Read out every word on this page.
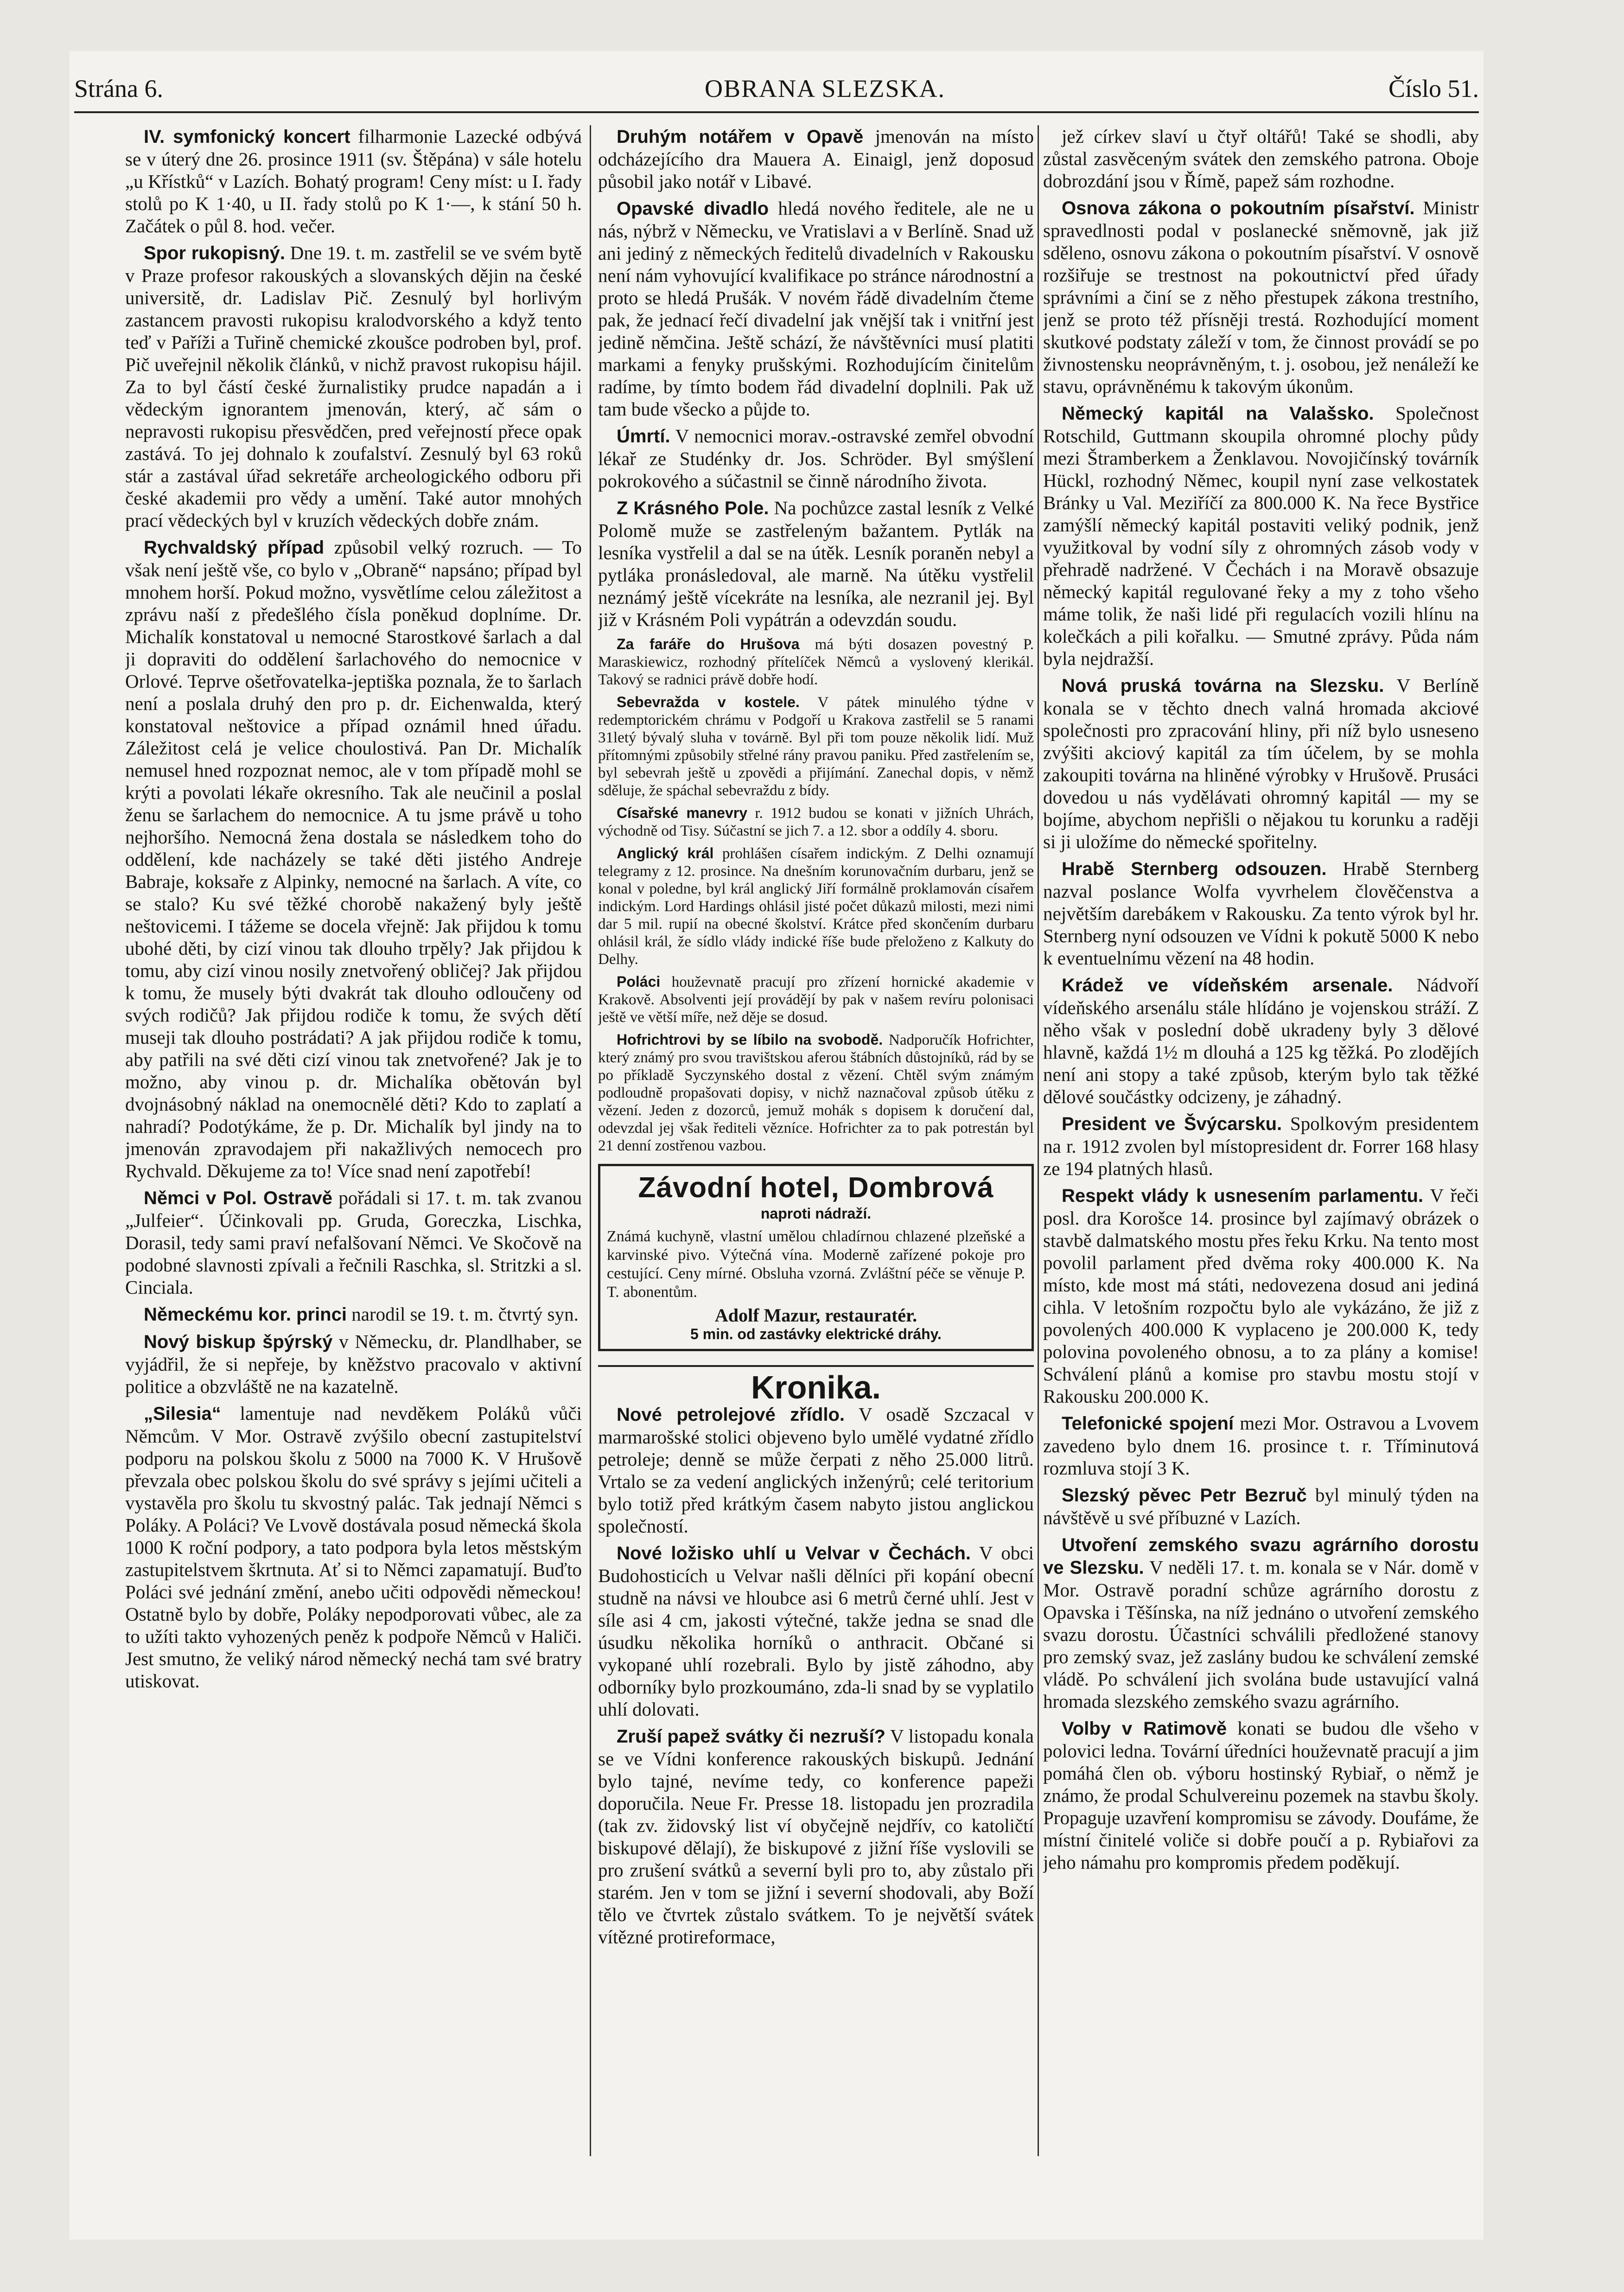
Strána 6.	OBRANA SLEZSKA.	Číslo 51.

IV. symfonický koncert filharmonie Lazecké odbývá se v úterý dne 26. prosince 1911 (sv. Štěpána) v sále hotelu „u Křístků“ v Lazích. Bohatý program! Ceny míst: u I. řady stolů po K 1·40, u II. řady stolů po K 1·—, k stání 50 h. Začátek o půl 8. hod. večer.

Spor rukopisný. Dne 19. t. m. zastřelil se ve svém bytě v Praze profesor rakouských a slovanských dějin na české universitě, dr. Ladislav Pič. Zesnulý byl horlivým zastancem pravosti rukopisu kralodvorského a když tento teď v Paříži a Tuřině chemické zkoušce podroben byl, prof. Pič uveřejnil několik článků, v nichž pravost rukopisu hájil. Za to byl částí české žurnalistiky prudce napadán a i vědeckým ignorantem jmenován, který, ač sám o nepravosti rukopisu přesvědčen, pred veřejností přece opak zastává. To jej dohnalo k zoufalství. Zesnulý byl 63 roků stár a zastával úřad sekretáře archeologického odboru při české akademii pro vědy a umění. Také autor mnohých prací vědeckých byl v kruzích vědeckých dobře znám.

Rychvaldský případ způsobil velký rozruch. — To však není ještě vše, co bylo v „Obraně“ napsáno; případ byl mnohem horší. Pokud možno, vysvětlíme celou záležitost a zprávu naší z předešlého čísla poněkud doplníme. Dr. Michalík konstatoval u nemocné Starostkové šarlach a dal ji dopraviti do oddělení šarlachového do nemocnice v Orlové. Teprve ošetřovatelka-jeptiška poznala, že to šarlach není a poslala druhý den pro p. dr. Eichenwalda, který konstatoval neštovice a případ oznámil hned úřadu. Záležitost celá je velice choulostivá. Pan Dr. Michalík nemusel hned rozpoznat nemoc, ale v tom případě mohl se krýti a povolati lékaře okresního. Tak ale neučinil a poslal ženu se šarlachem do nemocnice. A tu jsme právě u toho nejhoršího. Nemocná žena dostala se následkem toho do oddělení, kde nacházely se také děti jistého Andreje Babraje, koksaře z Alpinky, nemocné na šarlach. A víte, co se stalo? Ku své těžké chorobě nakažený byly ještě neštovicemi. I tážeme se docela vřejně: Jak přijdou k tomu ubohé děti, by cizí vinou tak dlouho trpěly? Jak přijdou k tomu, aby cizí vinou nosily znetvořený obličej? Jak přijdou k tomu, že musely býti dvakrát tak dlouho odloučeny od svých rodičů? Jak přijdou rodiče k tomu, že svých dětí museji tak dlouho postrádati? A jak přijdou rodiče k tomu, aby patřili na své děti cizí vinou tak znetvořené? Jak je to možno, aby vinou p. dr. Michalíka obětován byl dvojnásobný náklad na onemocnělé děti? Kdo to zaplatí a nahradí? Podotýkáme, že p. Dr. Michalík byl jindy na to jmenován zpravodajem při nakažlivých nemocech pro Rychvald. Děkujeme za to! Více snad není zapotřebí!

Němci v Pol. Ostravě pořádali si 17. t. m. tak zvanou „Julfeier“. Účinkovali pp. Gruda, Goreczka, Lischka, Dorasil, tedy sami praví nefalšovaní Němci. Ve Skočově na podobné slavnosti zpívali a řečnili Raschka, sl. Stritzki a sl. Cinciala.

Německému kor. princi narodil se 19. t. m. čtvrtý syn.

Nový biskup špýrský v Německu, dr. Plandlhaber, se vyjádřil, že si nepřeje, by kněžstvo pracovalo v aktivní politice a obzvláště ne na kazatelně.

„Silesia“ lamentuje nad nevděkem Poláků vůči Němcům. V Mor. Ostravě zvýšilo obecní zastupitelství podporu na polskou školu z 5000 na 7000 K. V Hrušově převzala obec polskou školu do své správy s jejími učiteli a vystavěla pro školu tu skvostný palác. Tak jednají Němci s Poláky. A Poláci? Ve Lvově dostávala posud německá škola 1000 K roční podpory, a tato podpora byla letos městským zastupitelstvem škrtnuta. Ať si to Němci zapamatují. Buďto Poláci své jednání změní, anebo učiti odpovědi německou! Ostatně bylo by dobře, Poláky nepodporovati vůbec, ale za to užíti takto vyhozených peněz k podpoře Němců v Haliči. Jest smutno, že veliký národ německý nechá tam své bratry utiskovat.

Druhým notářem v Opavě jmenován na místo odcházejícího dra Mauera A. Einaigl, jenž doposud působil jako notář v Libavé.

Opavské divadlo hledá nového ředitele, ale ne u nás, nýbrž v Německu, ve Vratislavi a v Berlíně. Snad už ani jediný z německých ředitelů divadelních v Rakousku není nám vyhovující kvalifikace po stránce národnostní a proto se hledá Prušák. V novém řádě divadelním čteme pak, že jednací řečí divadelní jak vnější tak i vnitřní jest jedině němčina. Ještě schází, že návštěvníci musí platiti markami a fenyky prušskými. Rozhodujícím činitelům radíme, by tímto bodem řád divadelní doplnili. Pak už tam bude všecko a půjde to.

Úmrtí. V nemocnici morav.-ostravské zemřel obvodní lékař ze Studénky dr. Jos. Schröder. Byl smýšlení pokrokového a súčastnil se činně národního života.

Z Krásného Pole. Na pochůzce zastal lesník z Velké Polomě muže se zastřeleným bažantem. Pytlák na lesníka vystřelil a dal se na útěk. Lesník poraněn nebyl a pytláka pronásledoval, ale marně. Na útěku vystřelil neznámý ještě vícekráte na lesníka, ale nezranil jej. Byl již v Krásném Poli vypátrán a odevzdán soudu.

Za faráře do Hrušova má býti dosazen povestný P. Maraskiewicz, rozhodný přítelíček Němců a vyslovený klerikál. Takový se radnici právě dobře hodí.

Sebevražda v kostele. V pátek minulého týdne v redemptorickém chrámu v Podgoří u Krakova zastřelil se 5 ranami 31letý bývalý sluha v továrně. Byl při tom pouze několik lidí. Muž přítomnými způsobily střelné rány pravou paniku. Před zastřelením se, byl sebevrah ještě u zpovědi a přijímání. Zanechal dopis, v němž sděluje, že spáchal sebevraždu z bídy.

Císařské manevry r. 1912 budou se konati v jižních Uhrách, východně od Tisy. Súčastní se jich 7. a 12. sbor a oddíly 4. sboru.

Anglický král prohlášen císařem indickým. Z Delhi oznamují telegramy z 12. prosince. Na dnešním korunovačním durbaru, jenž se konal v poledne, byl král anglický Jiří formálně proklamován císařem indickým. Lord Hardings ohlásil jisté počet důkazů milosti, mezi nimi dar 5 mil. rupií na obecné školství. Krátce před skončením durbaru ohlásil král, že sídlo vlády indické říše bude přeloženo z Kalkuty do Delhy.

Poláci houževnatě pracují pro zřízení hornické akademie v Krakově. Absolventi její provádějí by pak v našem revíru polonisaci ještě ve větší míře, než děje se dosud.

Hofrichtrovi by se líbilo na svobodě. Nadporučík Hofrichter, který známý pro svou travištskou aferou štábních důstojníků, rád by se po příkladě Syczynského dostal z vězení. Chtěl svým známým podloudně propašovati dopisy, v nichž naznačoval způsob útěku z vězení. Jeden z dozorců, jemuž mohák s dopisem k doručení dal, odevzdal jej však řediteli vězníce. Hofrichter za to pak potrestán byl 21 denní zostřenou vazbou.

Závodní hotel, Dombrová
naproti nádraží.
Známá kuchyně, vlastní umělou chladírnou chlazené plzeňské a karvinské pivo. Výtečná vína. Moderně zařízené pokoje pro cestující. Ceny mírné. Obsluha vzorná. Zvláštní péče se věnuje P. T. abonentům.
Adolf Mazur, restauratér.
5 min. od zastávky elektrické dráhy.
Kronika.

Nové petrolejové zřídlo. V osadě Szczacal v marmarošské stolici objeveno bylo umělé vydatné zřídlo petroleje; denně se může čerpati z něho 25.000 litrů. Vrtalo se za vedení anglických inženýrů; celé teritorium bylo totiž před krátkým časem nabyto jistou anglickou společností.

Nové ložisko uhlí u Velvar v Čechách. V obci Budohosticích u Velvar našli dělníci při kopání obecní studně na návsi ve hloubce asi 6 metrů černé uhlí. Jest v síle asi 4 cm, jakosti výtečné, takže jedna se snad dle úsudku několika horníků o anthracit. Občané si vykopané uhlí rozebrali. Bylo by jistě záhodno, aby odborníky bylo prozkoumáno, zda-li snad by se vyplatilo uhlí dolovati.

Zruší papež svátky či nezruší? V listopadu konala se ve Vídni konference rakouských biskupů. Jednání bylo tajné, nevíme tedy, co konference papeži doporučila. Neue Fr. Presse 18. listopadu jen prozradila (tak zv. židovský list ví obyčejně nejdřív, co katoličtí biskupové dělají), že biskupové z jižní říše vyslovili se pro zrušení svátků a severní byli pro to, aby zůstalo při starém. Jen v tom se jižní i severní shodovali, aby Boží tělo ve čtvrtek zůstalo svátkem. To je největší svátek vítězné protireformace,

jež církev slaví u čtyř oltářů! Také se shodli, aby zůstal zasvěceným svátek den zemského patrona. Oboje dobrozdání jsou v Římě, papež sám rozhodne.

Osnova zákona o pokoutním písařství. Ministr spravedlnosti podal v poslanecké sněmovně, jak již sděleno, osnovu zákona o pokoutním písařství. V osnově rozšiřuje se trestnost na pokoutnictví před úřady správními a činí se z něho přestupek zákona trestního, jenž se proto též přísněji trestá. Rozhodující moment skutkové podstaty záleží v tom, že činnost provádí se po živnostensku neoprávněným, t. j. osobou, jež nenáleží ke stavu, oprávněnému k takovým úkonům.

Německý kapitál na Valašsko. Společnost Rotschild, Guttmann skoupila ohromné plochy půdy mezi Štramberkem a Ženklavou. Novojičínský továrník Hückl, rozhodný Němec, koupil nyní zase velkostatek Bránky u Val. Meziříčí za 800.000 K. Na řece Bystřice zamýšlí německý kapitál postaviti veliký podnik, jenž využitkoval by vodní síly z ohromných zásob vody v přehradě nadržené. V Čechách i na Moravě obsazuje německý kapitál regulované řeky a my z toho všeho máme tolik, že naši lidé při regulacích vozili hlínu na kolečkách a pili kořalku. — Smutné zprávy. Půda nám byla nejdražší.

Nová pruská továrna na Slezsku. V Berlíně konala se v těchto dnech valná hromada akciové společnosti pro zpracování hliny, při níž bylo usneseno zvýšiti akciový kapitál za tím účelem, by se mohla zakoupiti továrna na hliněné výrobky v Hrušově. Prusáci dovedou u nás vydělávati ohromný kapitál — my se bojíme, abychom nepřišli o nějakou tu korunku a raději si ji uložíme do německé spořitelny.

Hrabě Sternberg odsouzen. Hrabě Sternberg nazval poslance Wolfa vyvrhelem člověčenstva a největším darebákem v Rakousku. Za tento výrok byl hr. Sternberg nyní odsouzen ve Vídni k pokutě 5000 K nebo k eventuelnímu vězení na 48 hodin.

Krádež ve vídeňském arsenale. Nádvoří vídeňského arsenálu stále hlídáno je vojenskou stráží. Z něho však v poslední době ukradeny byly 3 dělové hlavně, každá 1½ m dlouhá a 125 kg těžká. Po zlodějích není ani stopy a také způsob, kterým bylo tak těžké dělové součástky odcizeny, je záhadný.

President ve Švýcarsku. Spolkovým presidentem na r. 1912 zvolen byl místopresident dr. Forrer 168 hlasy ze 194 platných hlasů.

Respekt vlády k usnesením parlamentu. V řeči posl. dra Korošce 14. prosince byl zajímavý obrázek o stavbě dalmatského mostu přes řeku Krku. Na tento most povolil parlament před dvěma roky 400.000 K. Na místo, kde most má státi, nedovezena dosud ani jediná cihla. V letošním rozpočtu bylo ale vykázáno, že již z povolených 400.000 K vyplaceno je 200.000 K, tedy polovina povoleného obnosu, a to za plány a komise! Schválení plánů a komise pro stavbu mostu stojí v Rakousku 200.000 K.

Telefonické spojení mezi Mor. Ostravou a Lvovem zavedeno bylo dnem 16. prosince t. r. Tříminutová rozmluva stojí 3 K.

Slezský pěvec Petr Bezruč byl minulý týden na návštěvě u své příbuzné v Lazích.

Utvoření zemského svazu agrárního dorostu ve Slezsku. V neděli 17. t. m. konala se v Nár. domě v Mor. Ostravě poradní schůze agrárního dorostu z Opavska i Těšínska, na níž jednáno o utvoření zemského svazu dorostu. Účastníci schválili předložené stanovy pro zemský svaz, jež zaslány budou ke schválení zemské vládě. Po schválení jich svolána bude ustavující valná hromada slezského zemského svazu agrárního.

Volby v Ratimově konati se budou dle všeho v polovici ledna. Tovární úředníci houževnatě pracují a jim pomáhá člen ob. výboru hostinský Rybiař, o němž je známo, že prodal Schulvereinu pozemek na stavbu školy. Propaguje uzavření kompromisu se závody. Doufáme, že místní činitelé voliče si dobře poučí a p. Rybiařovi za jeho námahu pro kompromis předem poděkují.
